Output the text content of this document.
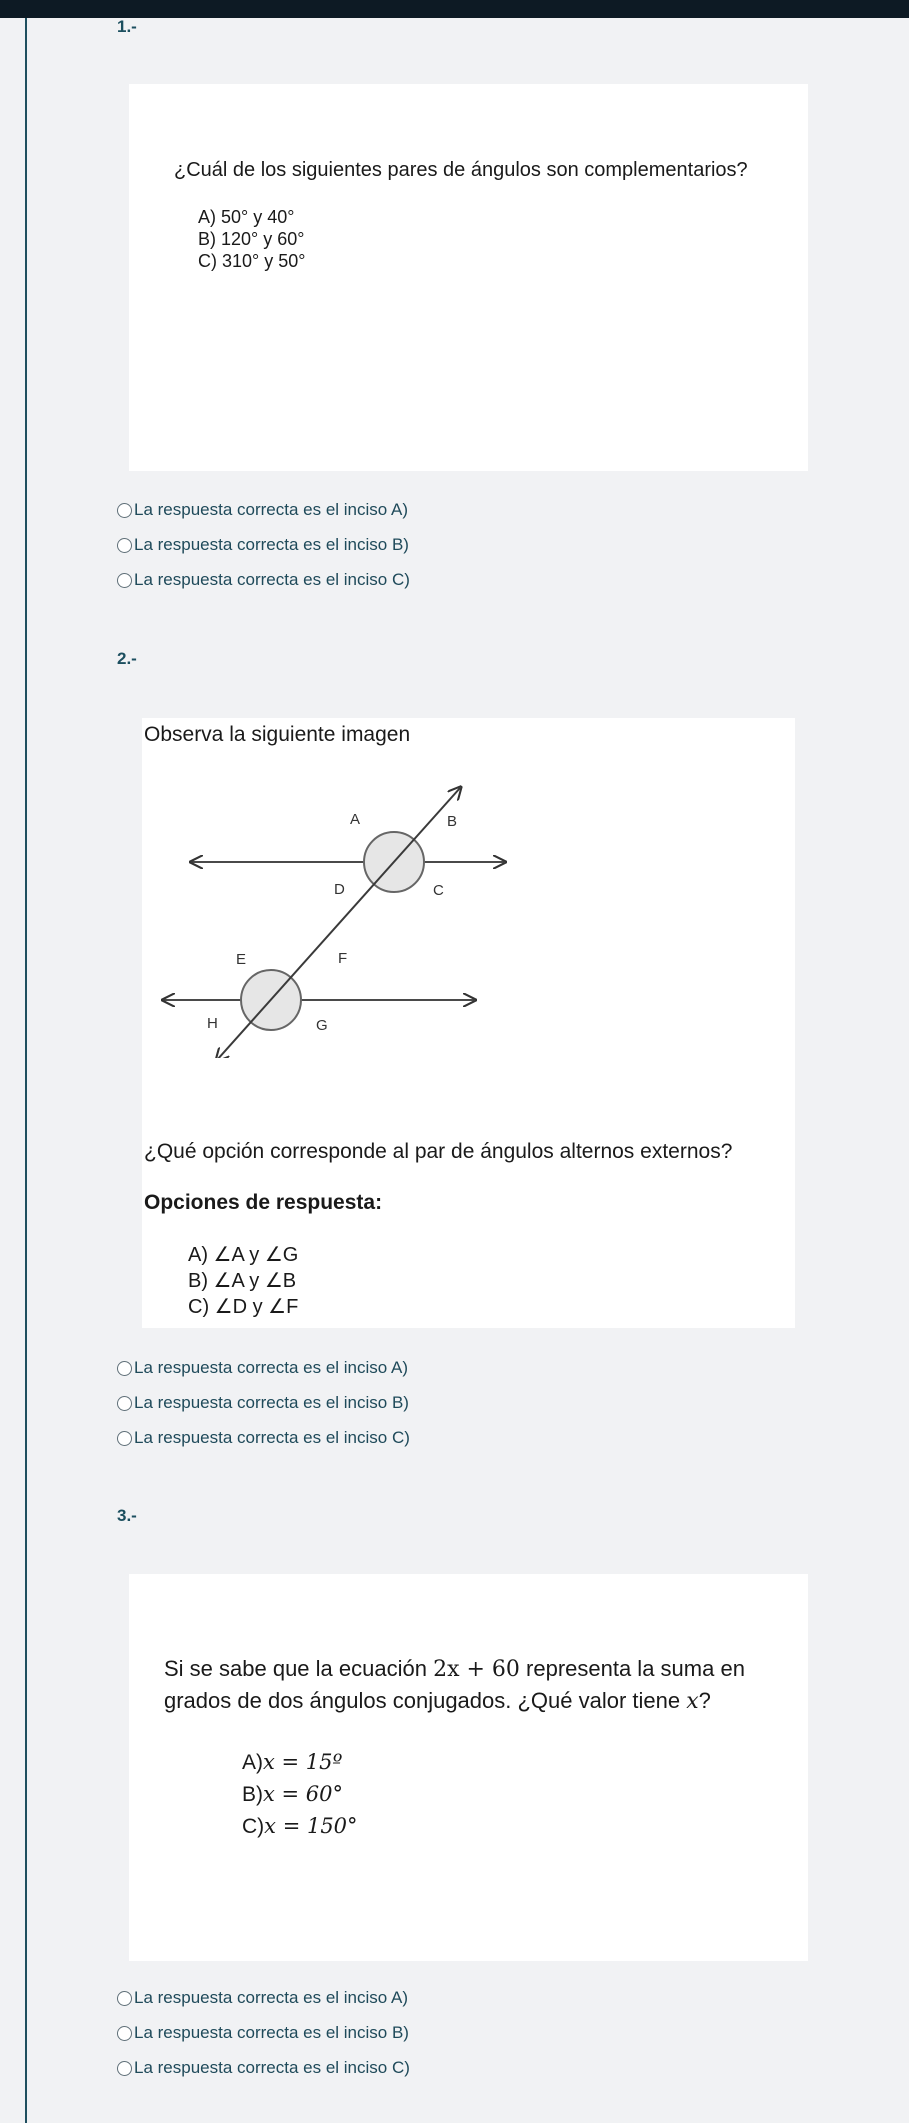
1.-
¿Cuál de los siguientes pares de ángulos son complementarios?
A) 50° y 40°
B) 120° y 60°
C) 310° y 50°
La respuesta correcta es el inciso A)
La respuesta correcta es el inciso B)
La respuesta correcta es el inciso C)
2.-
Observa la siguiente imagen
A	B
C
D
E	F
G
H
¿Qué opción corresponde al par de ángulos alternos externos?
Opciones de respuesta:
A) ∠A y ∠G
B) ∠A y ∠B
C) ∠D y ∠F
La respuesta correcta es el inciso A)
La respuesta correcta es el inciso B)
La respuesta correcta es el inciso C)
3.-
Si se sabe que la ecuación 2x + 60 representa la suma en
grados de dos ángulos conjugados. ¿Qué valor tiene x?
A)x = 15º
B)x = 60°
C)x = 150°
La respuesta correcta es el inciso A)
La respuesta correcta es el inciso B)
La respuesta correcta es el inciso C)
